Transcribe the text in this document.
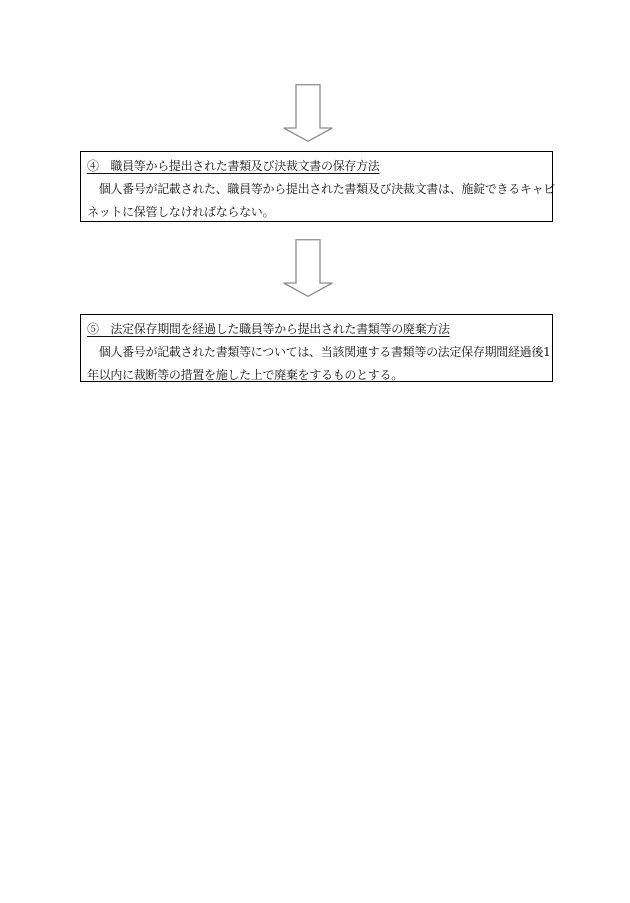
④　職員等から提出された書類及び決裁文書の保存方法
　個人番号が記載された、職員等から提出された書類及び決裁文書は、施錠できるキャビ
ネットに保管しなければならない。
⑤　法定保存期間を経過した職員等から提出された書類等の廃棄方法
　個人番号が記載された書類等については、当該関連する書類等の法定保存期間経過後1
年以内に裁断等の措置を施した上で廃棄をするものとする。
